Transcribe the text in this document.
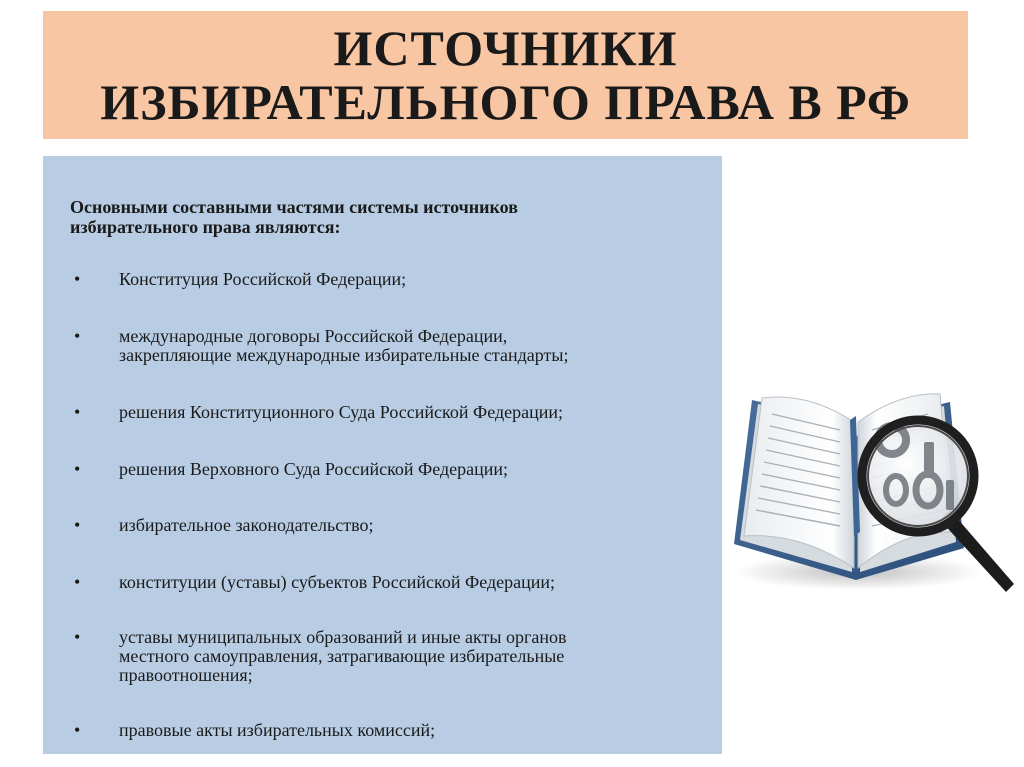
ИСТОЧНИКИ
ИЗБИРАТЕЛЬНОГО ПРАВА В РФ
Основными составными частями системы источников
избирательного права являются:
•	Конституция Российской Федерации;
•	международные договоры Российской Федерации,
закрепляющие международные избирательные стандарты;
•	решения Конституционного Суда Российской Федерации;
•	решения Верховного Суда Российской Федерации;
•	избирательное законодательство;
•	конституции (уставы) субъектов Российской Федерации;
•	уставы муниципальных образований и иные акты органов
местного самоуправления, затрагивающие избирательные
правоотношения;
•	правовые акты избирательных комиссий;
